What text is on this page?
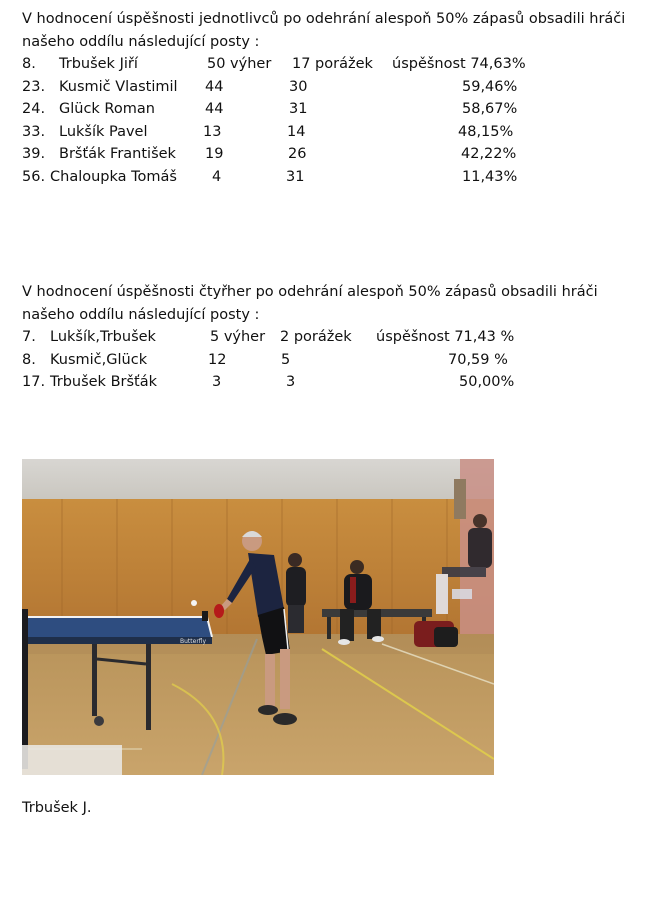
V hodnocení úspěšnosti jednotlivců po odehrání alespoň 50% zápasů obsadili hráči
našeho oddílu následující posty :
8. Trbušek Jiří	50 výher 17 porážek úspěšnost 74,63%
23. Kusmič Vlastimil 44	30	59,46%
24. Glück Roman	44	31	58,67%
33. Lukšík Pavel	13	14	48,15%
39. Bršťák František 19	26	42,22%
56. Chaloupka Tomáš 4	31	11,43%
V hodnocení úspěšnosti čtyřher po odehrání alespoň 50% zápasů obsadili hráči
našeho oddílu následující posty :
7. Lukšík,Trbušek	5 výher 2 porážek úspěšnost 71,43 %
8. Kusmič,Glück	12	5	70,59 %
17. Trbušek Bršťák	3	3	50,00%
Butterfly
Trbušek J.
